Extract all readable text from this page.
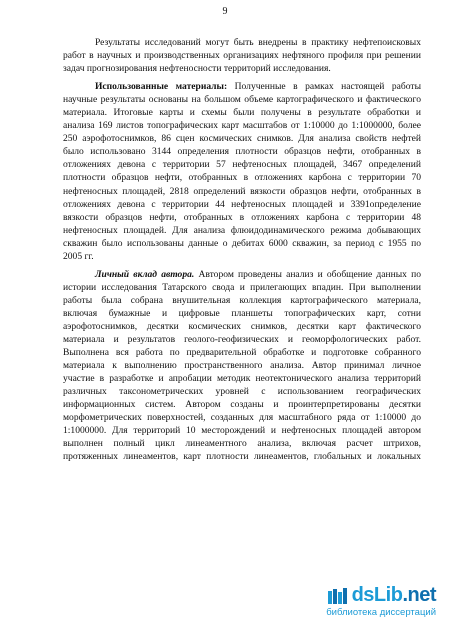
9
Результаты исследований могут быть внедрены в практику нефтепоисковых
работ в научных и производственных организациях нефтяного профиля при решении
задач прогнозирования нефтеносности территорий исследования.
Использованные материалы: Полученные в рамках настоящей работы
научные результаты основаны на большом объеме картографического и фактического
материала. Итоговые карты и схемы были получены в результате обработки и
анализа 169 листов топографических карт масштабов от 1:10000 до 1:1000000, более
250 аэрофотоснимков, 86 сцен космических снимков. Для анализа свойств нефтей
было использовано 3144 определения плотности образцов нефти, отобранных в
отложениях девона с территории 57 нефтеносных площадей, 3467 определений
плотности образцов нефти, отобранных в отложениях карбона с территории 70
нефтеносных площадей, 2818 определений вязкости образцов нефти, отобранных в
отложениях девона с территории 44 нефтеносных площадей и 3391определение
вязкости образцов нефти, отобранных в отложениях карбона с территории 48
нефтеносных площадей. Для анализа флюидодинамического режима добывающих
скважин было использованы данные о дебитах 6000 скважин, за период с 1955 по
2005 гг.
Личный вклад автора. Автором проведены анализ и обобщение данных по
истории исследования Татарского свода и прилегающих впадин. При выполнении
работы была собрана внушительная коллекция картографического материала,
включая бумажные и цифровые планшеты топографических карт, сотни
аэрофотоснимков, десятки космических снимков, десятки карт фактического
материала и результатов геолого-геофизических и геоморфологических работ.
Выполнена вся работа по предварительной обработке и подготовке собранного
материала к выполнению пространственного анализа. Автор принимал личное
участие в разработке и апробации методик неотектонического анализа территорий
различных таксонометрических уровней с использованием географических
информационных систем. Автором созданы и проинтерпретированы десятки
морфометрических поверхностей, созданных для масштабного ряда от 1:10000 до
1:1000000. Для территорий 10 месторождений и нефтеносных площадей автором
выполнен полный цикл линеаментного анализа, включая расчет штрихов,
протяженных линеаментов, карт плотности линеаментов, глобальных и локальных
dsLib.net
библиотека диссертаций
